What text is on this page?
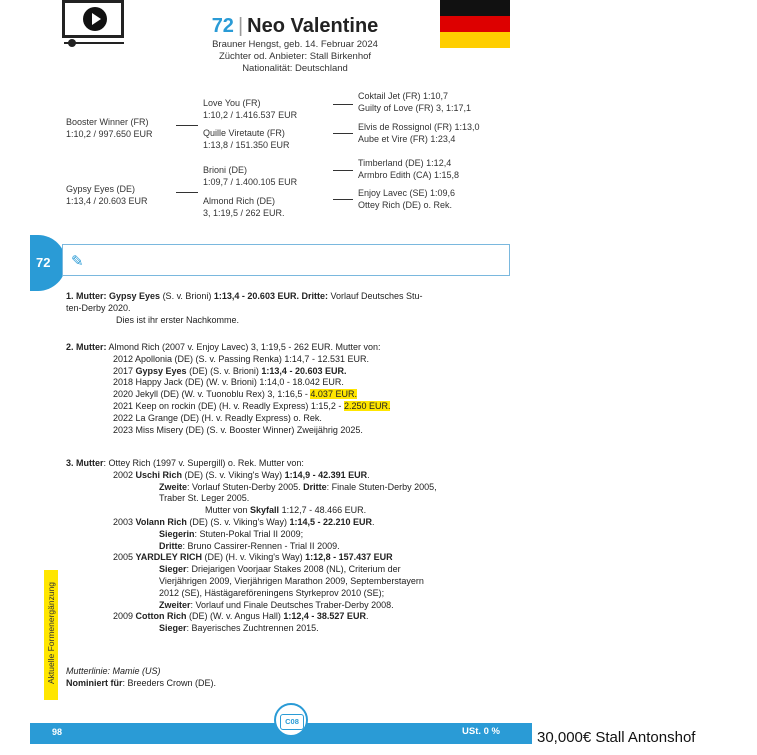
72 | Neo Valentine
Brauner Hengst, geb. 14. Februar 2024
Züchter od. Anbieter: Stall Birkenhof
Nationalität: Deutschland
Booster Winner (FR)
1:10,2 / 997.650 EUR
Gypsy Eyes (DE)
1:13,4 / 20.603 EUR
Love You (FR)
1:10,2 / 1.416.537 EUR
Quille Viretaute (FR)
1:13,8 / 151.350 EUR
Brioni (DE)
1:09,7 / 1.400.105 EUR
Almond Rich (DE)
3, 1:19,5 / 262 EUR.
Coktail Jet (FR) 1:10,7
Guilty of Love (FR) 3, 1:17,1
Elvis de Rossignol (FR) 1:13,0
Aube et Vire (FR) 1:23,4
Timberland (DE) 1:12,4
Armbro Edith (CA) 1:15,8
Enjoy Lavec (SE) 1:09,6
Ottey Rich (DE) o. Rek.
72 ✎
1. Mutter: Gypsy Eyes (S. v. Brioni) 1:13,4 - 20.603 EUR. Dritte: Vorlauf Deutsches Stu-
ten-Derby 2020.
Dies ist ihr erster Nachkomme.
2. Mutter: Almond Rich (2007 v. Enjoy Lavec) 3, 1:19,5 - 262 EUR. Mutter von:
2012 Apollonia (DE) (S. v. Passing Renka) 1:14,7 - 12.531 EUR.
2017 Gypsy Eyes (DE) (S. v. Brioni) 1:13,4 - 20.603 EUR.
2018 Happy Jack (DE) (W. v. Brioni) 1:14,0 - 18.042 EUR.
2020 Jekyll (DE) (W. v. Tuonoblu Rex) 3, 1:16,5 - 4.037 EUR.
2021 Keep on rockin (DE) (H. v. Readly Express) 1:15,2 - 2.250 EUR.
2022 La Grange (DE) (H. v. Readly Express) o. Rek.
2023 Miss Misery (DE) (S. v. Booster Winner) Zweijährig 2025.
3. Mutter: Ottey Rich (1997 v. Supergill) o. Rek. Mutter von:
2002 Uschi Rich (DE) (S. v. Viking's Way) 1:14,9 - 42.391 EUR.
Zweite: Vorlauf Stuten-Derby 2005. Dritte: Finale Stuten-Derby 2005,
Traber St. Leger 2005.
Mutter von Skyfall 1:12,7 - 48.466 EUR.
2003 Volann Rich (DE) (S. v. Viking's Way) 1:14,5 - 22.210 EUR.
Siegerin: Stuten-Pokal Trial II 2009;
Dritte: Bruno Cassirer-Rennen - Trial II 2009.
2005 YARDLEY RICH (DE) (H. v. Viking's Way) 1:12,8 - 157.437 EUR
Sieger: Driejarigen Voorjaar Stakes 2008 (NL), Criterium der
Vierjährigen 2009, Vierjährigen Marathon 2009, Septemberstayern
2012 (SE), Hästägareföreningens Styrkeprov 2010 (SE);
Zweiter: Vorlauf und Finale Deutsches Traber-Derby 2008.
2009 Cotton Rich (DE) (W. v. Angus Hall) 1:12,4 - 38.527 EUR.
Sieger: Bayerisches Zuchtrennen 2015.
Mutterlinie: Mamie (US)
Nominiert für: Breeders Crown (DE).
Aktuelle Formenergänzung
98	USt. 0 %
C08
30,000€ Stall Antonshof
